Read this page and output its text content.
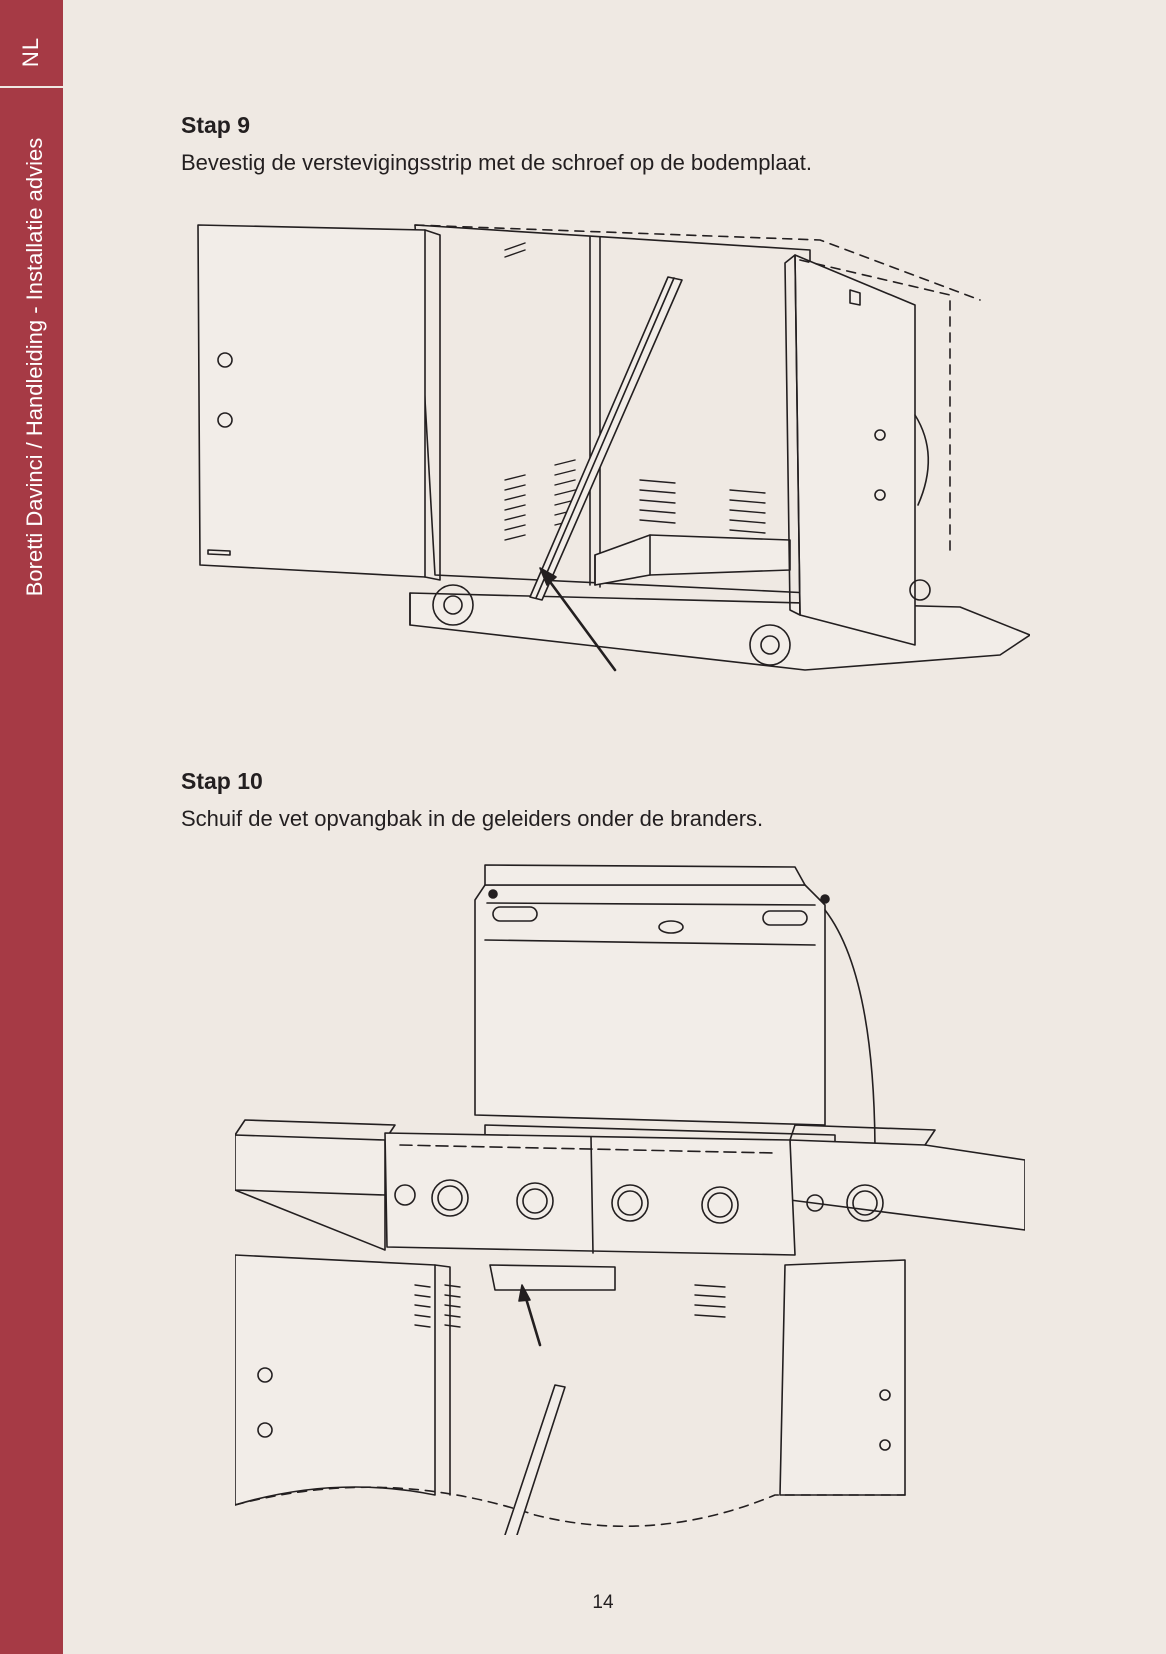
NL
Boretti Davinci / Handleiding - Installatie advies
Stap 9

Bevestig de verstevigingsstrip met de schroef op de bodemplaat.

Stap 10

Schuif de vet opvangbak in de geleiders onder de branders.

14
